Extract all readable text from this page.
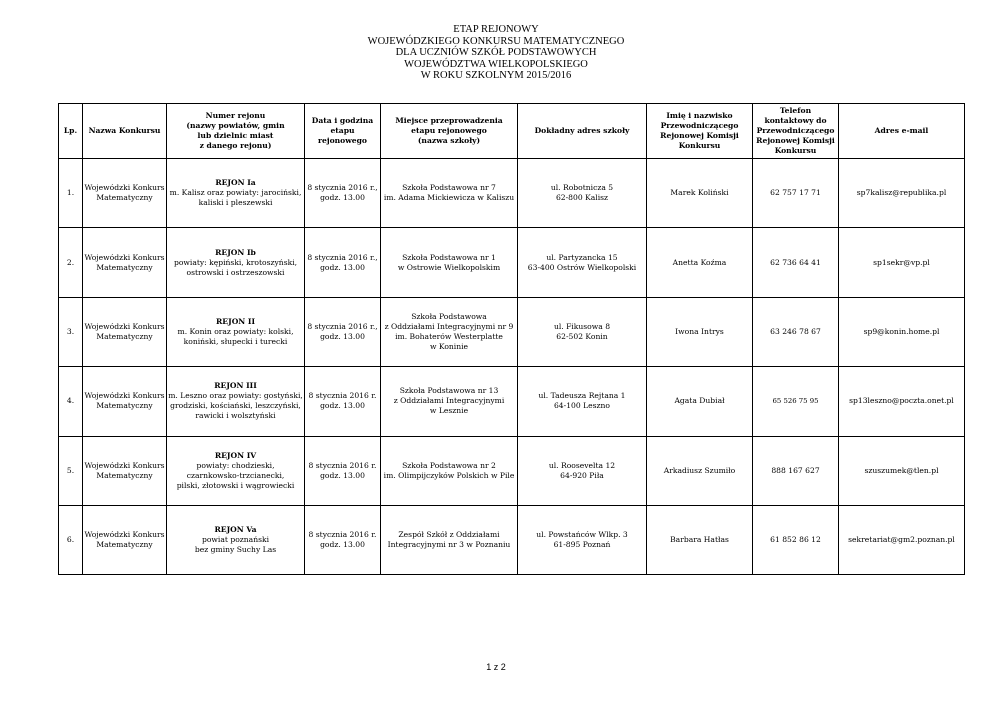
ETAP REJONOWY
WOJEWÓDZKIEGO KONKURSU MATEMATYCZNEGO
DLA UCZNIÓW SZKÓŁ PODSTAWOWYCH
WOJEWÓDZTWA WIELKOPOLSKIEGO
W ROKU SZKOLNYM 2015/2016
Lp.	Nazwa Konkursu	Numer rejonu
(nazwy powiatów, gmin
lub dzielnic miast
z danego rejonu)	Data i godzina
etapu rejonowego	Miejsce przeprowadzenia
etapu rejonowego
(nazwa szkoły)	Dokładny adres szkoły	Imię i nazwisko
Przewodniczącego
Rejonowej Komisji
Konkursu	Telefon
kontaktowy do
Przewodniczącego
Rejonowej Komisji
Konkursu	Adres e-mail
1.	Wojewódzki Konkurs
Matematyczny	REJON Ia
m. Kalisz oraz powiaty: jarociński,
kaliski i pleszewski	8 stycznia 2016 r.,
godz. 13.00	Szkoła Podstawowa nr 7
im. Adama Mickiewicza w Kaliszu	ul. Robotnicza 5
62-800 Kalisz	Marek Koliński	62 757 17 71	sp7kalisz@republika.pl
2.	Wojewódzki Konkurs
Matematyczny	REJON Ib
powiaty: kępiński, krotoszyński,
ostrowski i ostrzeszowski	8 stycznia 2016 r.,
godz. 13.00	Szkoła Podstawowa nr 1
w Ostrowie Wielkopolskim	ul. Partyzancka 15
63-400 Ostrów Wielkopolski	Anetta Koźma	62 736 64 41	sp1sekr@vp.pl
3.	Wojewódzki Konkurs
Matematyczny	REJON II
m. Konin oraz powiaty: kolski,
koniński, słupecki i turecki	8 stycznia 2016 r.,
godz. 13.00	Szkoła Podstawowa
z Oddziałami Integracyjnymi nr 9
im. Bohaterów Westerplatte
w Koninie	ul. Fikusowa 8
62-502 Konin	Iwona Intrys	63 246 78 67	sp9@konin.home.pl
4.	Wojewódzki Konkurs
Matematyczny	REJON III
m. Leszno oraz powiaty: gostyński,
grodziski, kościański, leszczyński,
rawicki i wolsztyński	8 stycznia 2016 r.
godz. 13.00	Szkoła Podstawowa nr 13
z Oddziałami Integracyjnymi
w Lesznie	ul. Tadeusza Rejtana 1
64-100 Leszno	Agata Dubiał	65 526 75 95	sp13leszno@poczta.onet.pl
5.	Wojewódzki Konkurs
Matematyczny	REJON IV
powiaty: chodzieski,
czarnkowsko-trzcianecki,
pilski, złotowski i wągrowiecki	8 stycznia 2016 r.
godz. 13.00	Szkoła Podstawowa nr 2
im. Olimpijczyków Polskich w Pile	ul. Roosevelta 12
64-920 Piła	Arkadiusz Szumiło	888 167 627	szuszumek@tlen.pl
6.	Wojewódzki Konkurs
Matematyczny	REJON Va
powiat poznański
bez gminy Suchy Las	8 stycznia 2016 r.
godz. 13.00	Zespół Szkół z Oddziałami
Integracyjnymi nr 3 w Poznaniu	ul. Powstańców Wlkp. 3
61-895 Poznań	Barbara Hatłas	61 852 86 12	sekretariat@gm2.poznan.pl
1 z 2
